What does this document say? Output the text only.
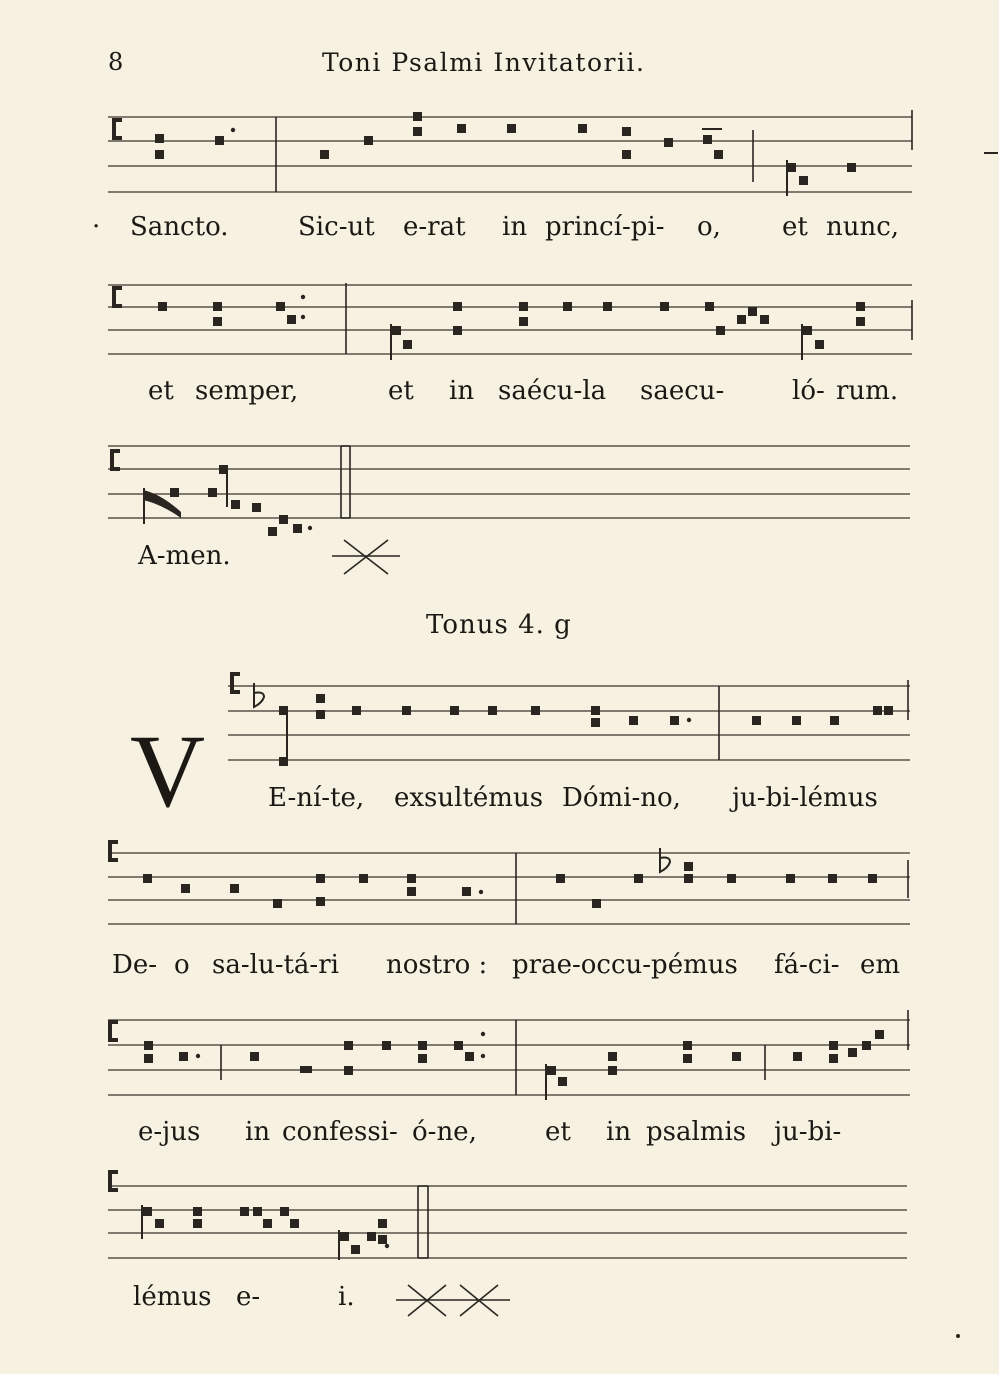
8	Toni Psalmi Invitatorii.
· Sancto.	Sic-ut e-rat in princí-pi- o, et nunc,
et semper,	et in saécu-la saecu-	ló- rum.
A-men.
Tonus 4. g
V E-ní-te, exsultémus Dómi-no, ju-bi-lémus
De- o sa-lu-tá-ri nostro : prae-occu-pémus fá-ci- em
e-jus in confessi- ó-ne,	et in psalmis ju-bi-
lémus e-	i.
